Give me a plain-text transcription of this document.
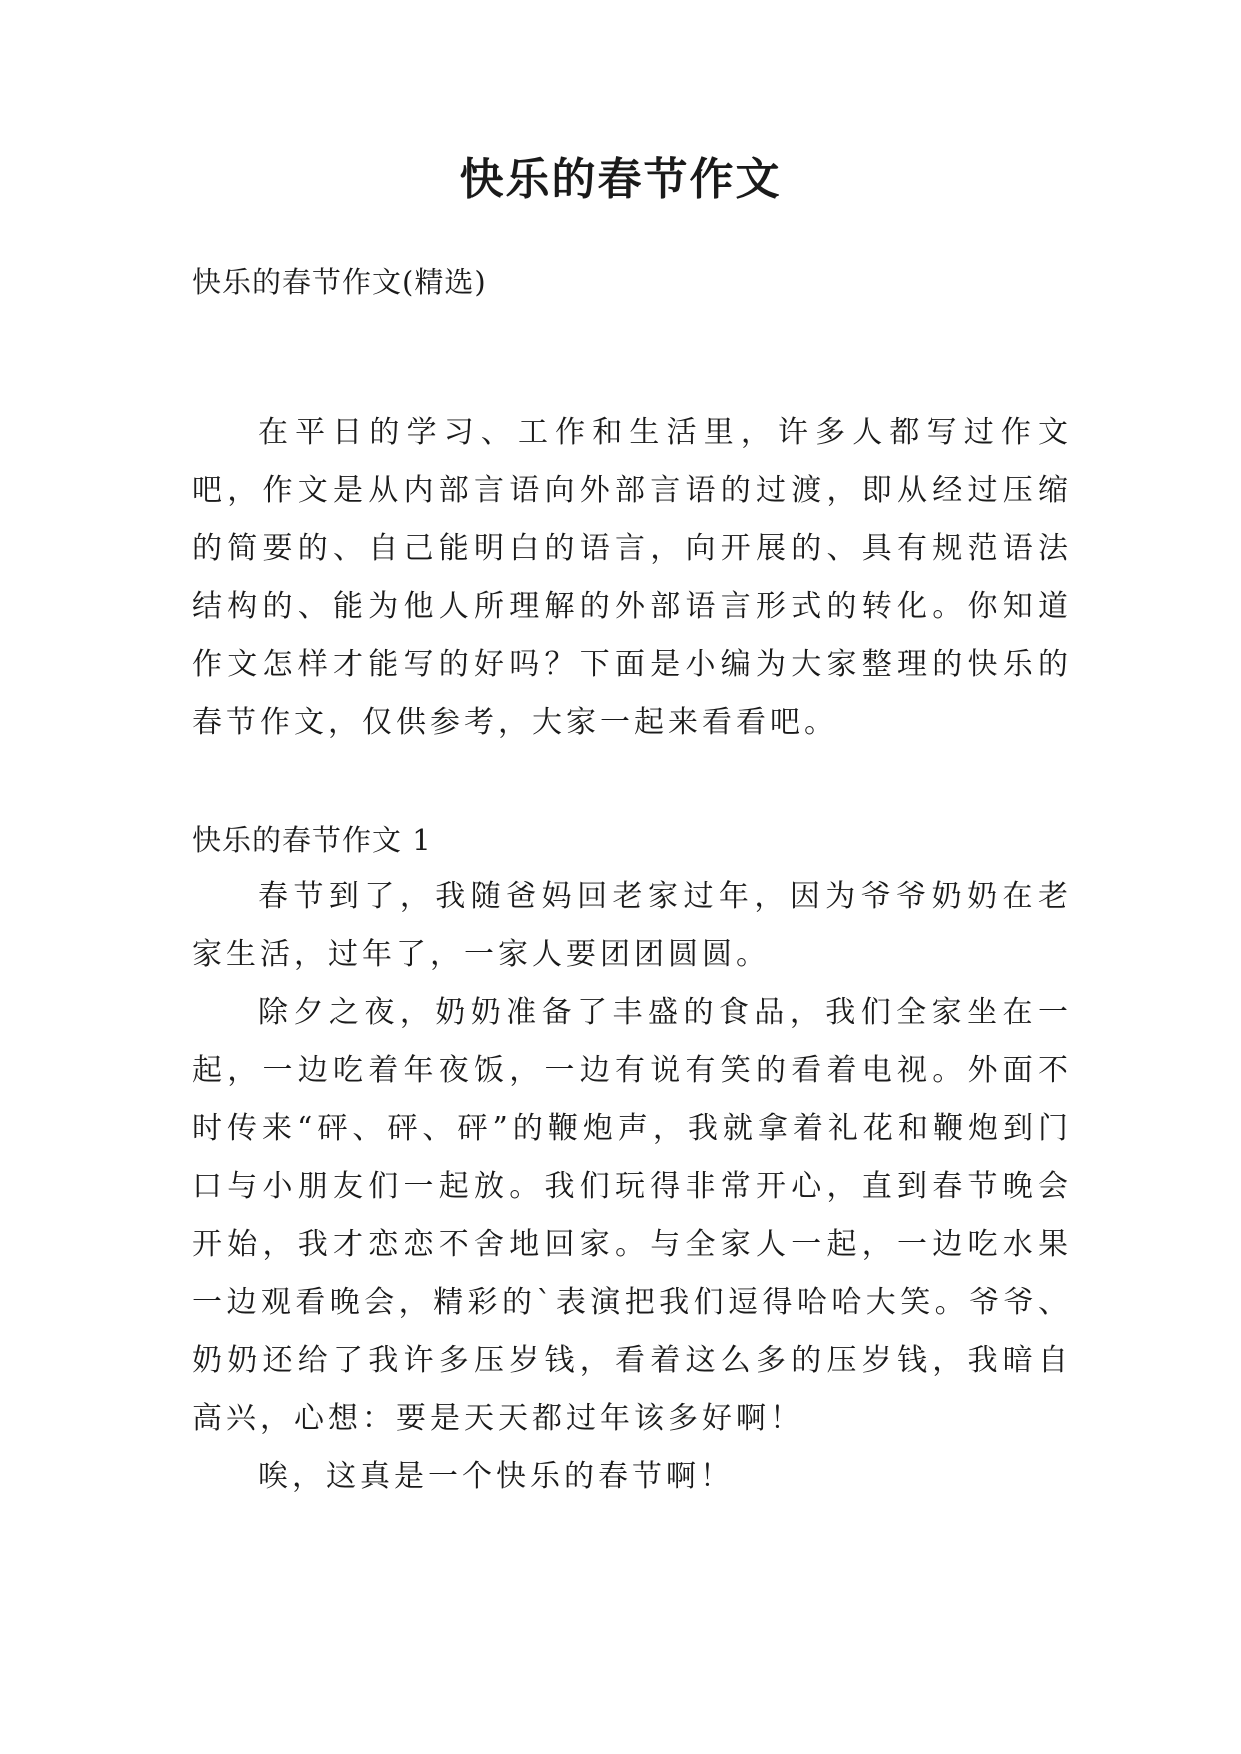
快乐的春节作文
快乐的春节作文(精选)

在平日的学习、工作和生活里，许多人都写过作文吧，作文是从内部言语向外部言语的过渡，即从经过压缩的简要的、自己能明白的语言，向开展的、具有规范语法结构的、能为他人所理解的外部语言形式的转化。你知道作文怎样才能写的好吗？下面是小编为大家整理的快乐的春节作文，仅供参考，大家一起来看看吧。

快乐的春节作文 1

春节到了，我随爸妈回老家过年，因为爷爷奶奶在老家生活，过年了，一家人要团团圆圆。

除夕之夜，奶奶准备了丰盛的食品，我们全家坐在一起，一边吃着年夜饭，一边有说有笑的看着电视。外面不时传来“砰、砰、砰”的鞭炮声，我就拿着礼花和鞭炮到门口与小朋友们一起放。我们玩得非常开心，直到春节晚会开始，我才恋恋不舍地回家。与全家人一起，一边吃水果一边观看晚会，精彩的`表演把我们逗得哈哈大笑。爷爷、奶奶还给了我许多压岁钱，看着这么多的压岁钱，我暗自高兴，心想：要是天天都过年该多好啊！

唉，这真是一个快乐的春节啊！
